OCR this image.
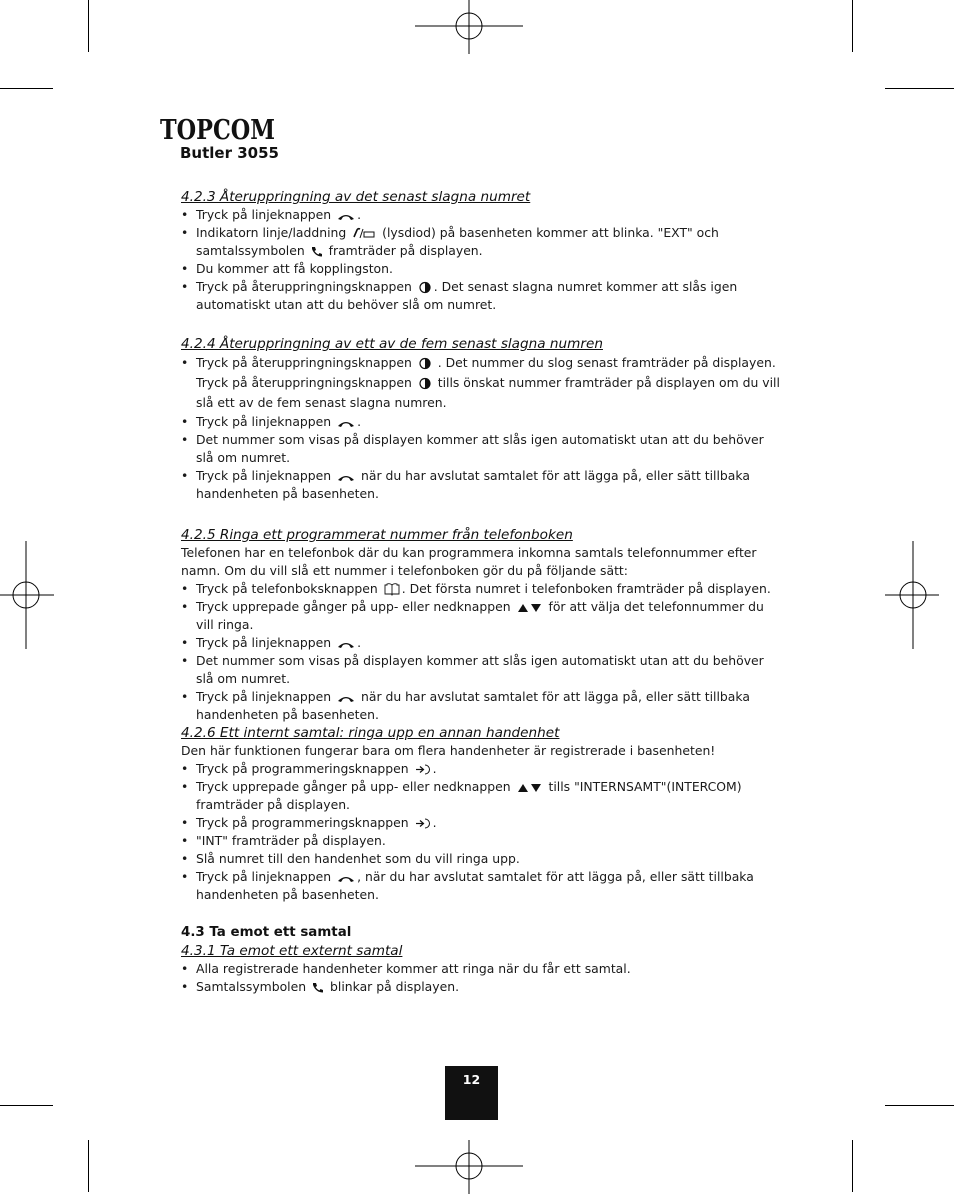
TOPCOM
Butler 3055
4.2.3 Återuppringning av det senast slagna numret
• Tryck på linjeknappen .
• Indikatorn linje/laddning	(lysdiod) på basenheten kommer att blinka. "EXT" och samtalssymbolen framträder på displayen.
• Du kommer att få kopplingston.
• Tryck på återuppringningsknappen . Det senast slagna numret kommer att slås igen automatiskt utan att du behöver slå om numret.
4.2.4 Återuppringning av ett av de fem senast slagna numren
• Tryck på återuppringningsknappen . Det nummer du slog senast framträder på displayen.
Tryck på återuppringningsknappen tills önskat nummer framträder på displayen om du vill slå ett av de fem senast slagna numren.
• Tryck på linjeknappen .
• Det nummer som visas på displayen kommer att slås igen automatiskt utan att du behöver slå om numret.
• Tryck på linjeknappen när du har avslutat samtalet för att lägga på, eller sätt tillbaka handenheten på basenheten.
4.2.5 Ringa ett programmerat nummer från telefonboken

Telefonen har en telefonbok där du kan programmera inkomna samtals telefonnummer efter namn. Om du vill slå ett nummer i telefonboken gör du på följande sätt:

• Tryck på telefonboksknappen . Det första numret i telefonboken framträder på displayen.
• Tryck upprepade gånger på upp- eller nedknappen	för att välja det telefonnummer du vill ringa.
• Tryck på linjeknappen .
• Det nummer som visas på displayen kommer att slås igen automatiskt utan att du behöver slå om numret.
• Tryck på linjeknappen när du har avslutat samtalet för att lägga på, eller sätt tillbaka handenheten på basenheten.
4.2.6 Ett internt samtal: ringa upp en annan handenhet

Den här funktionen fungerar bara om flera handenheter är registrerade i basenheten!

• Tryck på programmeringsknappen .
• Tryck upprepade gånger på upp- eller nedknappen	tills "INTERNSAMT"(INTERCOM) framträder på displayen.
• Tryck på programmeringsknappen .
• "INT" framträder på displayen.
• Slå numret till den handenhet som du vill ringa upp.
• Tryck på linjeknappen , när du har avslutat samtalet för att lägga på, eller sätt tillbaka handenheten på basenheten.
4.3 Ta emot ett samtal
4.3.1 Ta emot ett externt samtal
• Alla registrerade handenheter kommer att ringa när du får ett samtal.
• Samtalssymbolen blinkar på displayen.
12
